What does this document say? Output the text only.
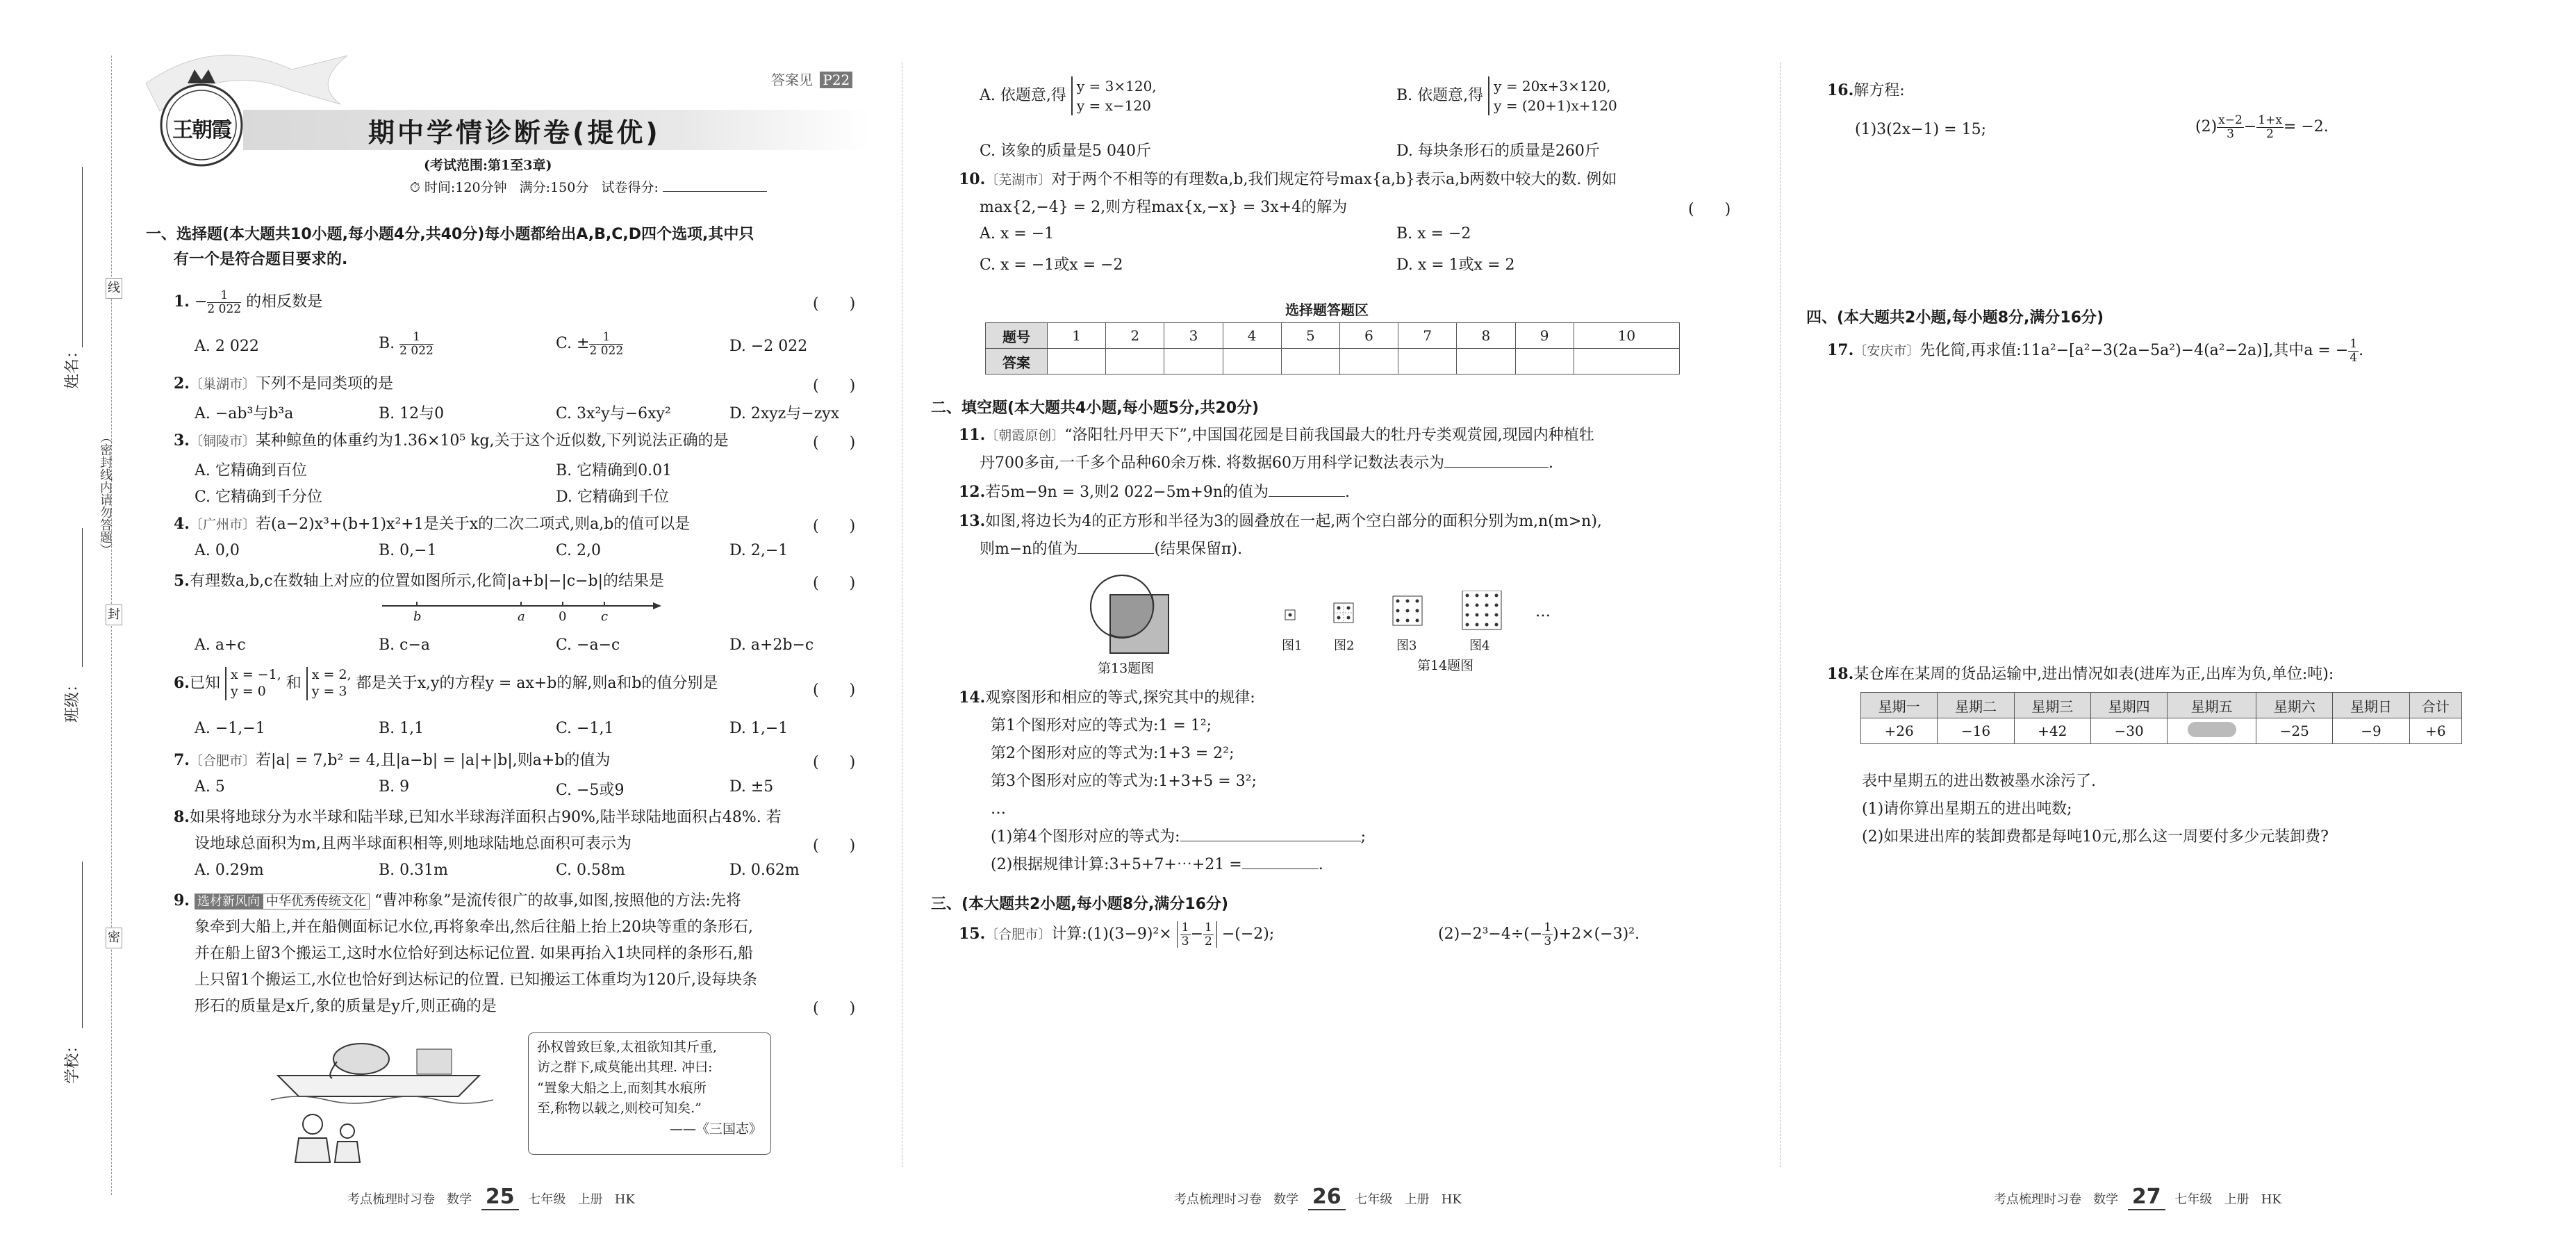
线
封
密
姓名：
（密封线内请勿答题）
班级：
学校：
王朝霞	期中学情诊断卷(提优)
答案见 P22
(考试范围:第1至3章)
⏱ 时间:120分钟 满分:150分 试卷得分:
一、选择题(本大题共10小题,每小题4分,共40分)每小题都给出A,B,C,D四个选项,其中只
有一个是符合题目要求的.
1. − $\frac{1}{2 022}$ 的相反数是	(　　)
A. 2 022	B. $\frac{1}{2 022}$	C. ± $\frac{1}{2 022}$	D. −2 022
2.〔巢湖市〕下列不是同类项的是	(　　)
A. −ab³与b³a	B. 12与0	C. 3x²y与−6xy²	D. 2xyz与−zyx
3.〔铜陵市〕某种鲸鱼的体重约为1.36×10⁵ kg,关于这个近似数,下列说法正确的是	(　　)
A. 它精确到百位	B. 它精确到0.01
C. 它精确到千分位	D. 它精确到千位
4.〔广州市〕若(a−2)x³+(b+1)x²+1是关于x的二次二项式,则a,b的值可以是	(　　)
A. 0,0	B. 0,−1	C. 2,0	D. 2,−1
5.有理数a,b,c在数轴上对应的位置如图所示,化简|a+b|−|c−b|的结果是	(　　)
b	a	0	c
A. a+c	B. c−a	C. −a−c	D. a+2b−c
6.已知 x = −1,
y = 0	和 x = 2,
y = 3 都是关于x,y的方程y = ax+b的解,则a和b的值分别是	(　　)
A. −1,−1	B. 1,1	C. −1,1	D. 1,−1
7.〔合肥市〕若|a| = 7,b² = 4,且|a−b| = |a|+|b|,则a+b的值为	(　　)
A. 5	B. 9	C. −5或9	D. ±5
8.如果将地球分为水半球和陆半球,已知水半球海洋面积占90%,陆半球陆地面积占48%. 若
设地球总面积为m,且两半球面积相等,则地球陆地总面积可表示为	(　　)
A. 0.29m	B. 0.31m	C. 0.58m	D. 0.62m
9. 选材新风向 中华优秀传统文化 “曹冲称象”是流传很广的故事,如图,按照他的方法:先将
象牵到大船上,并在船侧面标记水位,再将象牵出,然后往船上抬上20块等重的条形石,
并在船上留3个搬运工,这时水位恰好到达标记位置. 如果再抬入1块同样的条形石,船
上只留1个搬运工,水位也恰好到达标记的位置. 已知搬运工体重均为120斤,设每块条
形石的质量是x斤,象的质量是y斤,则正确的是	(　　)
孙权曾致巨象,太祖欲知其斤重,
访之群下,咸莫能出其理. 冲曰:
“置象大船之上,而刻其水痕所
至,称物以载之,则校可知矣.”
——《三国志》
考点梳理时习卷 数学 25 七年级 上册 HK
A. 依题意,得
y = 3×120,
y = x−120
B. 依题意,得
y = 20x+3×120,
y = (20+1)x+120
C. 该象的质量是5 040斤	D. 每块条形石的质量是260斤
10.〔芜湖市〕对于两个不相等的有理数a,b,我们规定符号max{a,b}表示a,b两数中较大的数. 例如
max{2,−4} = 2,则方程max{x,−x} = 3x+4的解为	(　　)
A. x = −1	B. x = −2
C. x = −1或x = −2	D. x = 1或x = 2
选择题答题区
题号	1	2	3	4	5	6	7	8	9	10
答案										
二、填空题(本大题共4小题,每小题5分,共20分)
11.〔朝霞原创〕“洛阳牡丹甲天下”,中国国花园是目前我国最大的牡丹专类观赏园,现园内种植牡
丹700多亩,一千多个品种60余万株. 将数据60万用科学记数法表示为	.
12.若5m−9n = 3,则2 022−5m+9n的值为	.
13.如图,将边长为4的正方形和半径为3的圆叠放在一起,两个空白部分的面积分别为m,n(m>n),
则m−n的值为	(结果保留π).
第13题图
图1	图2	图3	图4
…
第14题图
14.观察图形和相应的等式,探究其中的规律:
第1个图形对应的等式为:1 = 1²;
第2个图形对应的等式为:1+3 = 2²;
第3个图形对应的等式为:1+3+5 = 3²;
…
(1)第4个图形对应的等式为:	;
(2)根据规律计算:3+5+7+⋯+21 =	.
三、(本大题共2小题,每小题8分,满分16分)
15.〔合肥市〕计算:(1)(3−9)²× $\frac{1}{3} - \frac{1}{2} -(-2)$;	$(2)-2^3-4\div(- \frac{1}{3} )+2\times(-3)^2$.
考点梳理时习卷 数学 26 七年级 上册 HK
16.解方程:
(1)3(2x−1) = 15;	$(2) \frac{x-2}{3} - \frac{1+x}{2} = -2$.
四、(本大题共2小题,每小题8分,满分16分)
17.〔安庆市〕先化简,再求值:11a²−[a²−3(2a−5a²)−4(a²−2a)],其中a = − $\frac{1}{4}$ .
18.某仓库在某周的货品运输中,进出情况如表(进库为正,出库为负,单位:吨):
星期一	星期二	星期三	星期四	星期五	星期六	星期日	合计
+26	−16	+42	−30		−25	−9	+6
表中星期五的进出数被墨水涂污了.
(1)请你算出星期五的进出吨数;
(2)如果进出库的装卸费都是每吨10元,那么这一周要付多少元装卸费?
考点梳理时习卷 数学 27 七年级 上册 HK
